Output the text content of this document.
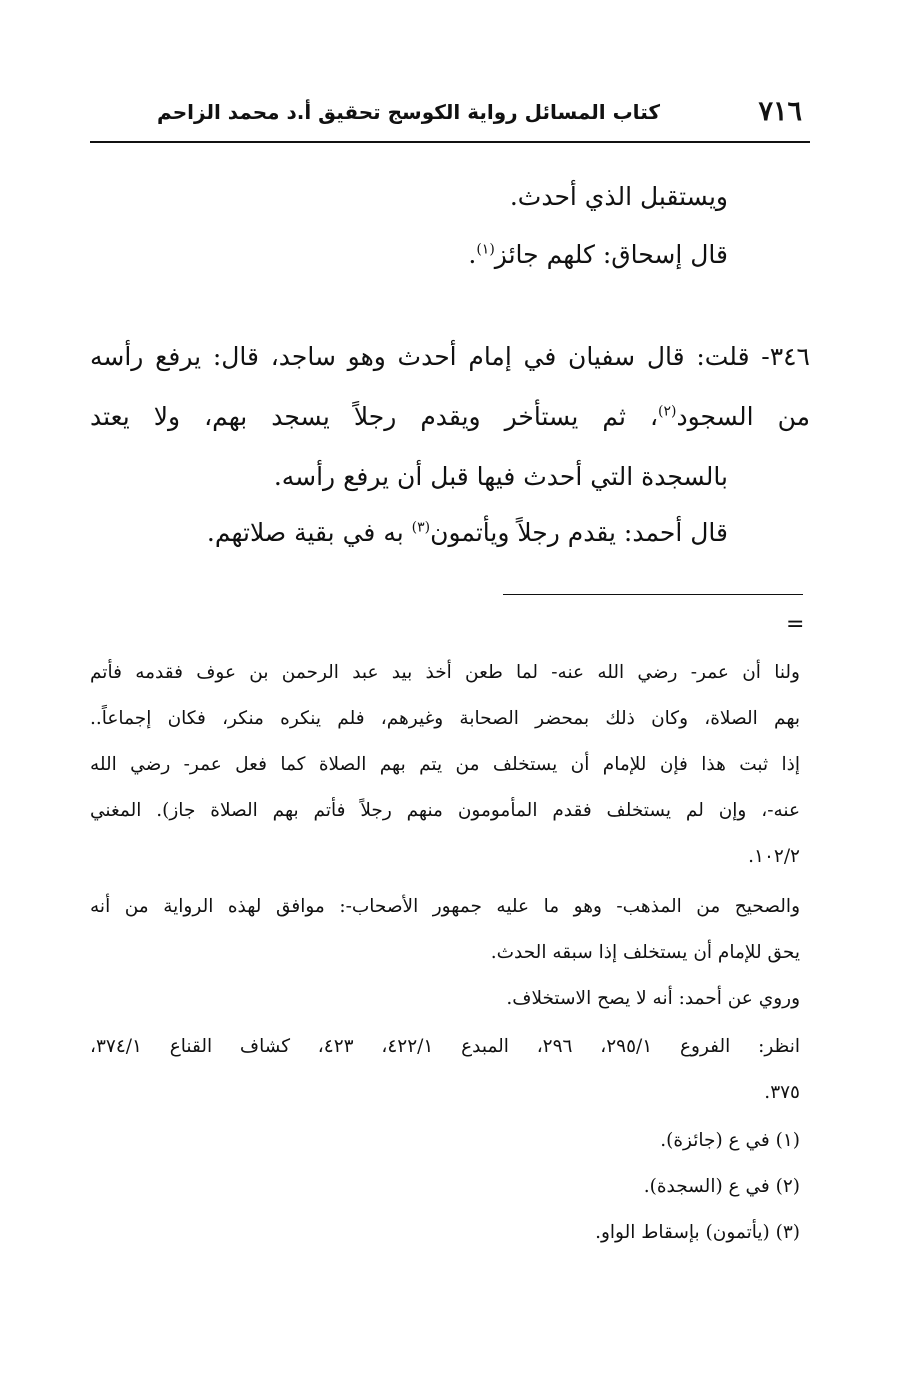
٧١٦
كتاب المسائل رواية الكوسج تحقيق أ.د محمد الزاحم
ويستقبل الذي أحدث.
قال إسحاق: كلهم جائز$^{(١)}$.
٣٤٦- قلت: قال سفيان في إمام أحدث وهو ساجد، قال: يرفع رأسه
من السجود$^{(٢)}$، ثم يستأخر ويقدم رجلاً يسجد بهم، ولا يعتد
بالسجدة التي أحدث فيها قبل أن يرفع رأسه.
قال أحمد: يقدم رجلاً ويأتمون$^{(٣)}$ به في بقية صلاتهم.
=
ولنا أن عمر- رضي الله عنه- لما طعن أخذ بيد عبد الرحمن بن عوف فقدمه فأتم
بهم الصلاة، وكان ذلك بمحضر الصحابة وغيرهم، فلم ينكره منكر، فكان إجماعاً..
إذا ثبت هذا فإن للإمام أن يستخلف من يتم بهم الصلاة كما فعل عمر- رضي الله
عنه-، وإن لم يستخلف فقدم المأمومون منهم رجلاً فأتم بهم الصلاة جاز). المغني
١٠٢/٢.
والصحيح من المذهب- وهو ما عليه جمهور الأصحاب-: موافق لهذه الرواية من أنه
يحق للإمام أن يستخلف إذا سبقه الحدث.
وروي عن أحمد: أنه لا يصح الاستخلاف.
انظر: الفروع ٢٩٥/١، ٢٩٦، المبدع ٤٢٢/١، ٤٢٣، كشاف القناع ٣٧٤/١،
٣٧٥.
(١) في ع (جائزة).
(٢) في ع (السجدة).
(٣) (يأتمون) بإسقاط الواو.
